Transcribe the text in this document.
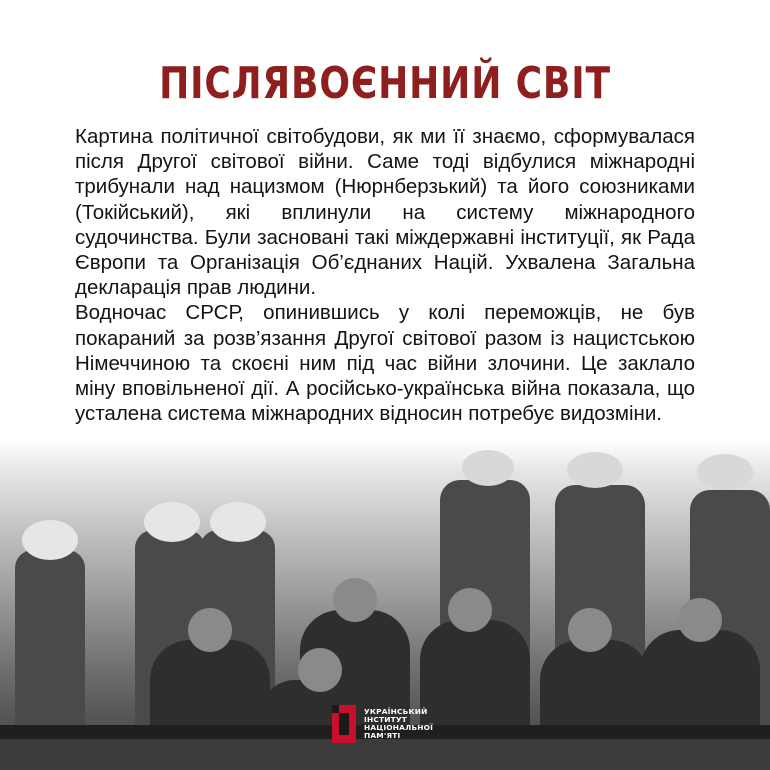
ПІСЛЯВОЄННИЙ СВІТ

Картина політичної світобудови, як ми її знаємо, сформувалася після Другої світової війни. Саме тоді відбулися міжнародні трибунали над нацизмом (Нюрнберзький) та його союзниками (Токійський), які вплинули на систему міжнародного судочинства. Були засновані такі міждержавні інституції, як Рада Європи та Організація Об’єднаних Націй. Ухвалена Загальна декларація прав людини.

Водночас СРСР, опинившись у колі переможців, не був покараний за розв’язання Другої світової разом із нацистською Німеччиною та скоєні ним під час війни злочини. Це заклало міну вповільненої дії. А російсько-українська війна показала, що усталена система міжнародних відносин потребує видозміни.

УКРАЇНСЬКИЙ
ІНСТИТУТ
НАЦІОНАЛЬНОЇ
ПАМ'ЯТІ
